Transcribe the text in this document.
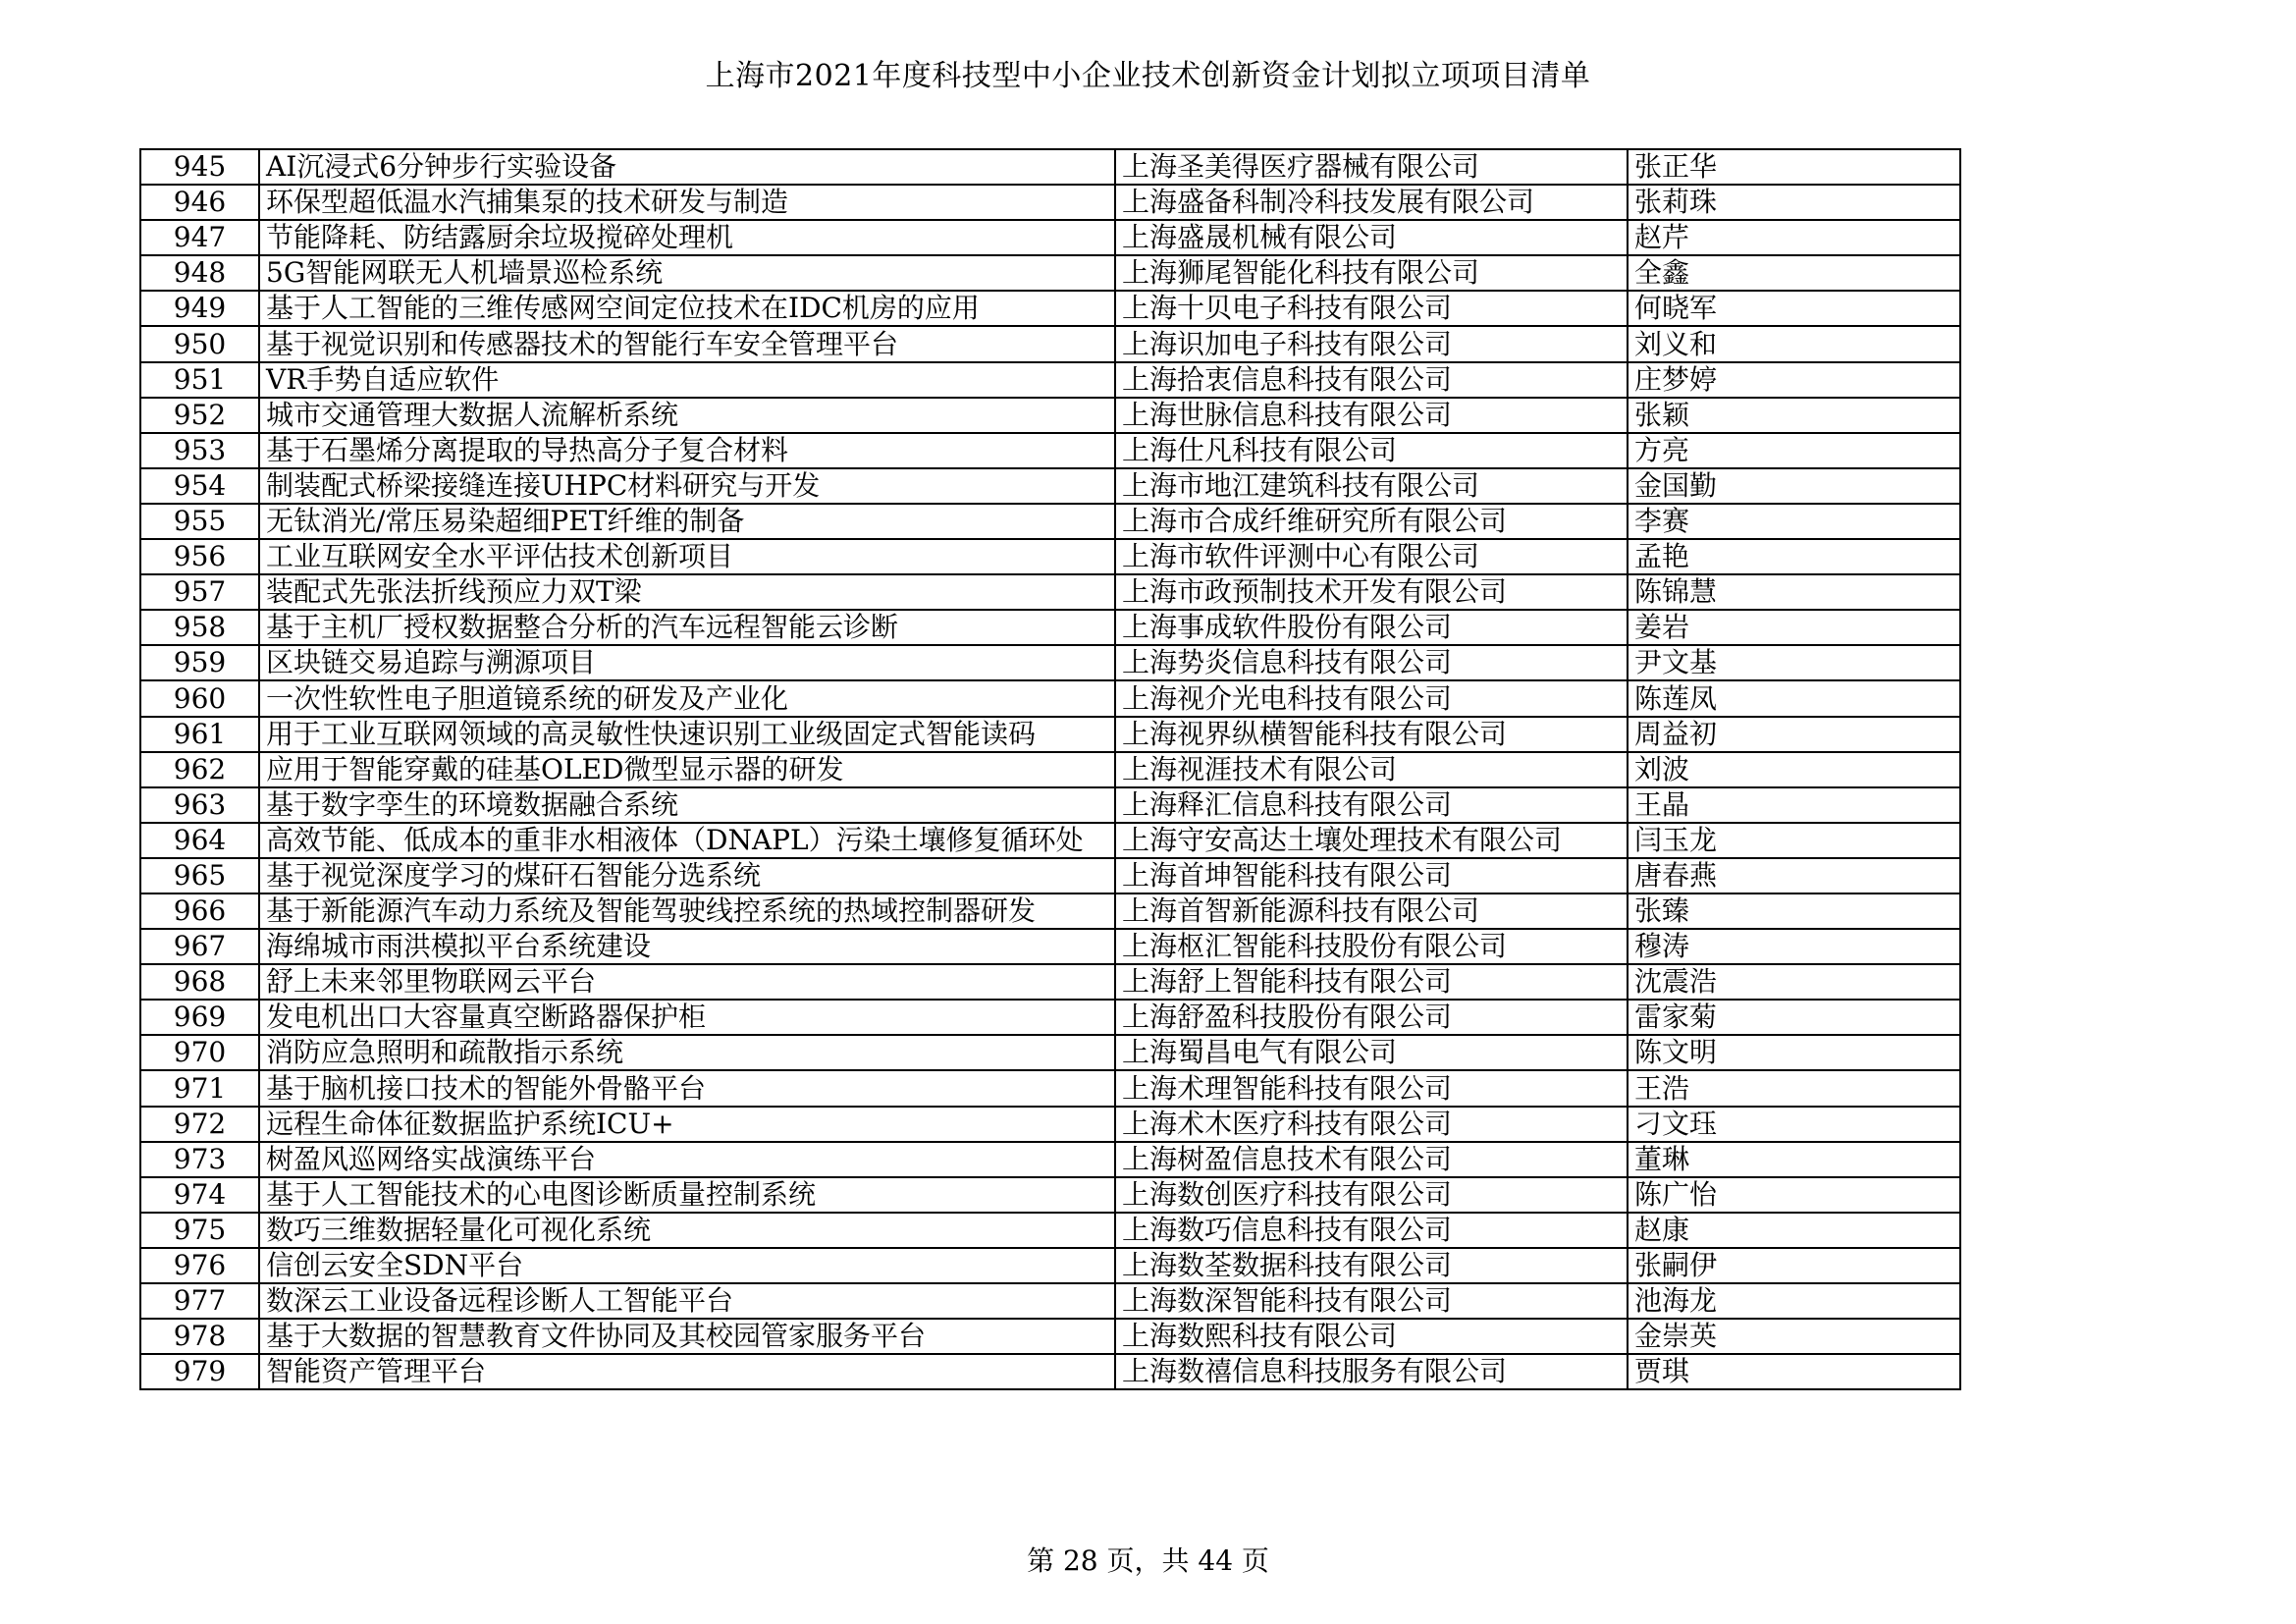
上海市2021年度科技型中小企业技术创新资金计划拟立项项目清单
945	AI沉浸式6分钟步行实验设备	上海圣美得医疗器械有限公司	张正华
946	环保型超低温水汽捕集泵的技术研发与制造	上海盛备科制冷科技发展有限公司	张莉珠
947	节能降耗、防结露厨余垃圾搅碎处理机	上海盛晟机械有限公司	赵芹
948	5G智能网联无人机墙景巡检系统	上海狮尾智能化科技有限公司	全鑫
949	基于人工智能的三维传感网空间定位技术在IDC机房的应用	上海十贝电子科技有限公司	何晓军
950	基于视觉识别和传感器技术的智能行车安全管理平台	上海识加电子科技有限公司	刘义和
951	VR手势自适应软件	上海拾衷信息科技有限公司	庄梦婷
952	城市交通管理大数据人流解析系统	上海世脉信息科技有限公司	张颖
953	基于石墨烯分离提取的导热高分子复合材料	上海仕凡科技有限公司	方亮
954	制装配式桥梁接缝连接UHPC材料研究与开发	上海市地江建筑科技有限公司	金国勤
955	无钛消光/常压易染超细PET纤维的制备	上海市合成纤维研究所有限公司	李赛
956	工业互联网安全水平评估技术创新项目	上海市软件评测中心有限公司	孟艳
957	装配式先张法折线预应力双T梁	上海市政预制技术开发有限公司	陈锦慧
958	基于主机厂授权数据整合分析的汽车远程智能云诊断	上海事成软件股份有限公司	姜岩
959	区块链交易追踪与溯源项目	上海势炎信息科技有限公司	尹文基
960	一次性软性电子胆道镜系统的研发及产业化	上海视介光电科技有限公司	陈莲凤
961	用于工业互联网领域的高灵敏性快速识别工业级固定式智能读码	上海视界纵横智能科技有限公司	周益初
962	应用于智能穿戴的硅基OLED微型显示器的研发	上海视涯技术有限公司	刘波
963	基于数字孪生的环境数据融合系统	上海释汇信息科技有限公司	王晶
964	高效节能、低成本的重非水相液体（DNAPL）污染土壤修复循环处	上海守安高达土壤处理技术有限公司	闫玉龙
965	基于视觉深度学习的煤矸石智能分选系统	上海首坤智能科技有限公司	唐春燕
966	基于新能源汽车动力系统及智能驾驶线控系统的热域控制器研发	上海首智新能源科技有限公司	张臻
967	海绵城市雨洪模拟平台系统建设	上海枢汇智能科技股份有限公司	穆涛
968	舒上未来邻里物联网云平台	上海舒上智能科技有限公司	沈震浩
969	发电机出口大容量真空断路器保护柜	上海舒盈科技股份有限公司	雷家菊
970	消防应急照明和疏散指示系统	上海蜀昌电气有限公司	陈文明
971	基于脑机接口技术的智能外骨骼平台	上海术理智能科技有限公司	王浩
972	远程生命体征数据监护系统ICU+	上海术木医疗科技有限公司	刁文珏
973	树盈风巡网络实战演练平台	上海树盈信息技术有限公司	董琳
974	基于人工智能技术的心电图诊断质量控制系统	上海数创医疗科技有限公司	陈广怡
975	数巧三维数据轻量化可视化系统	上海数巧信息科技有限公司	赵康
976	信创云安全SDN平台	上海数荃数据科技有限公司	张嗣伊
977	数深云工业设备远程诊断人工智能平台	上海数深智能科技有限公司	池海龙
978	基于大数据的智慧教育文件协同及其校园管家服务平台	上海数熙科技有限公司	金崇英
979	智能资产管理平台	上海数禧信息科技服务有限公司	贾琪
第 28 页，共 44 页
